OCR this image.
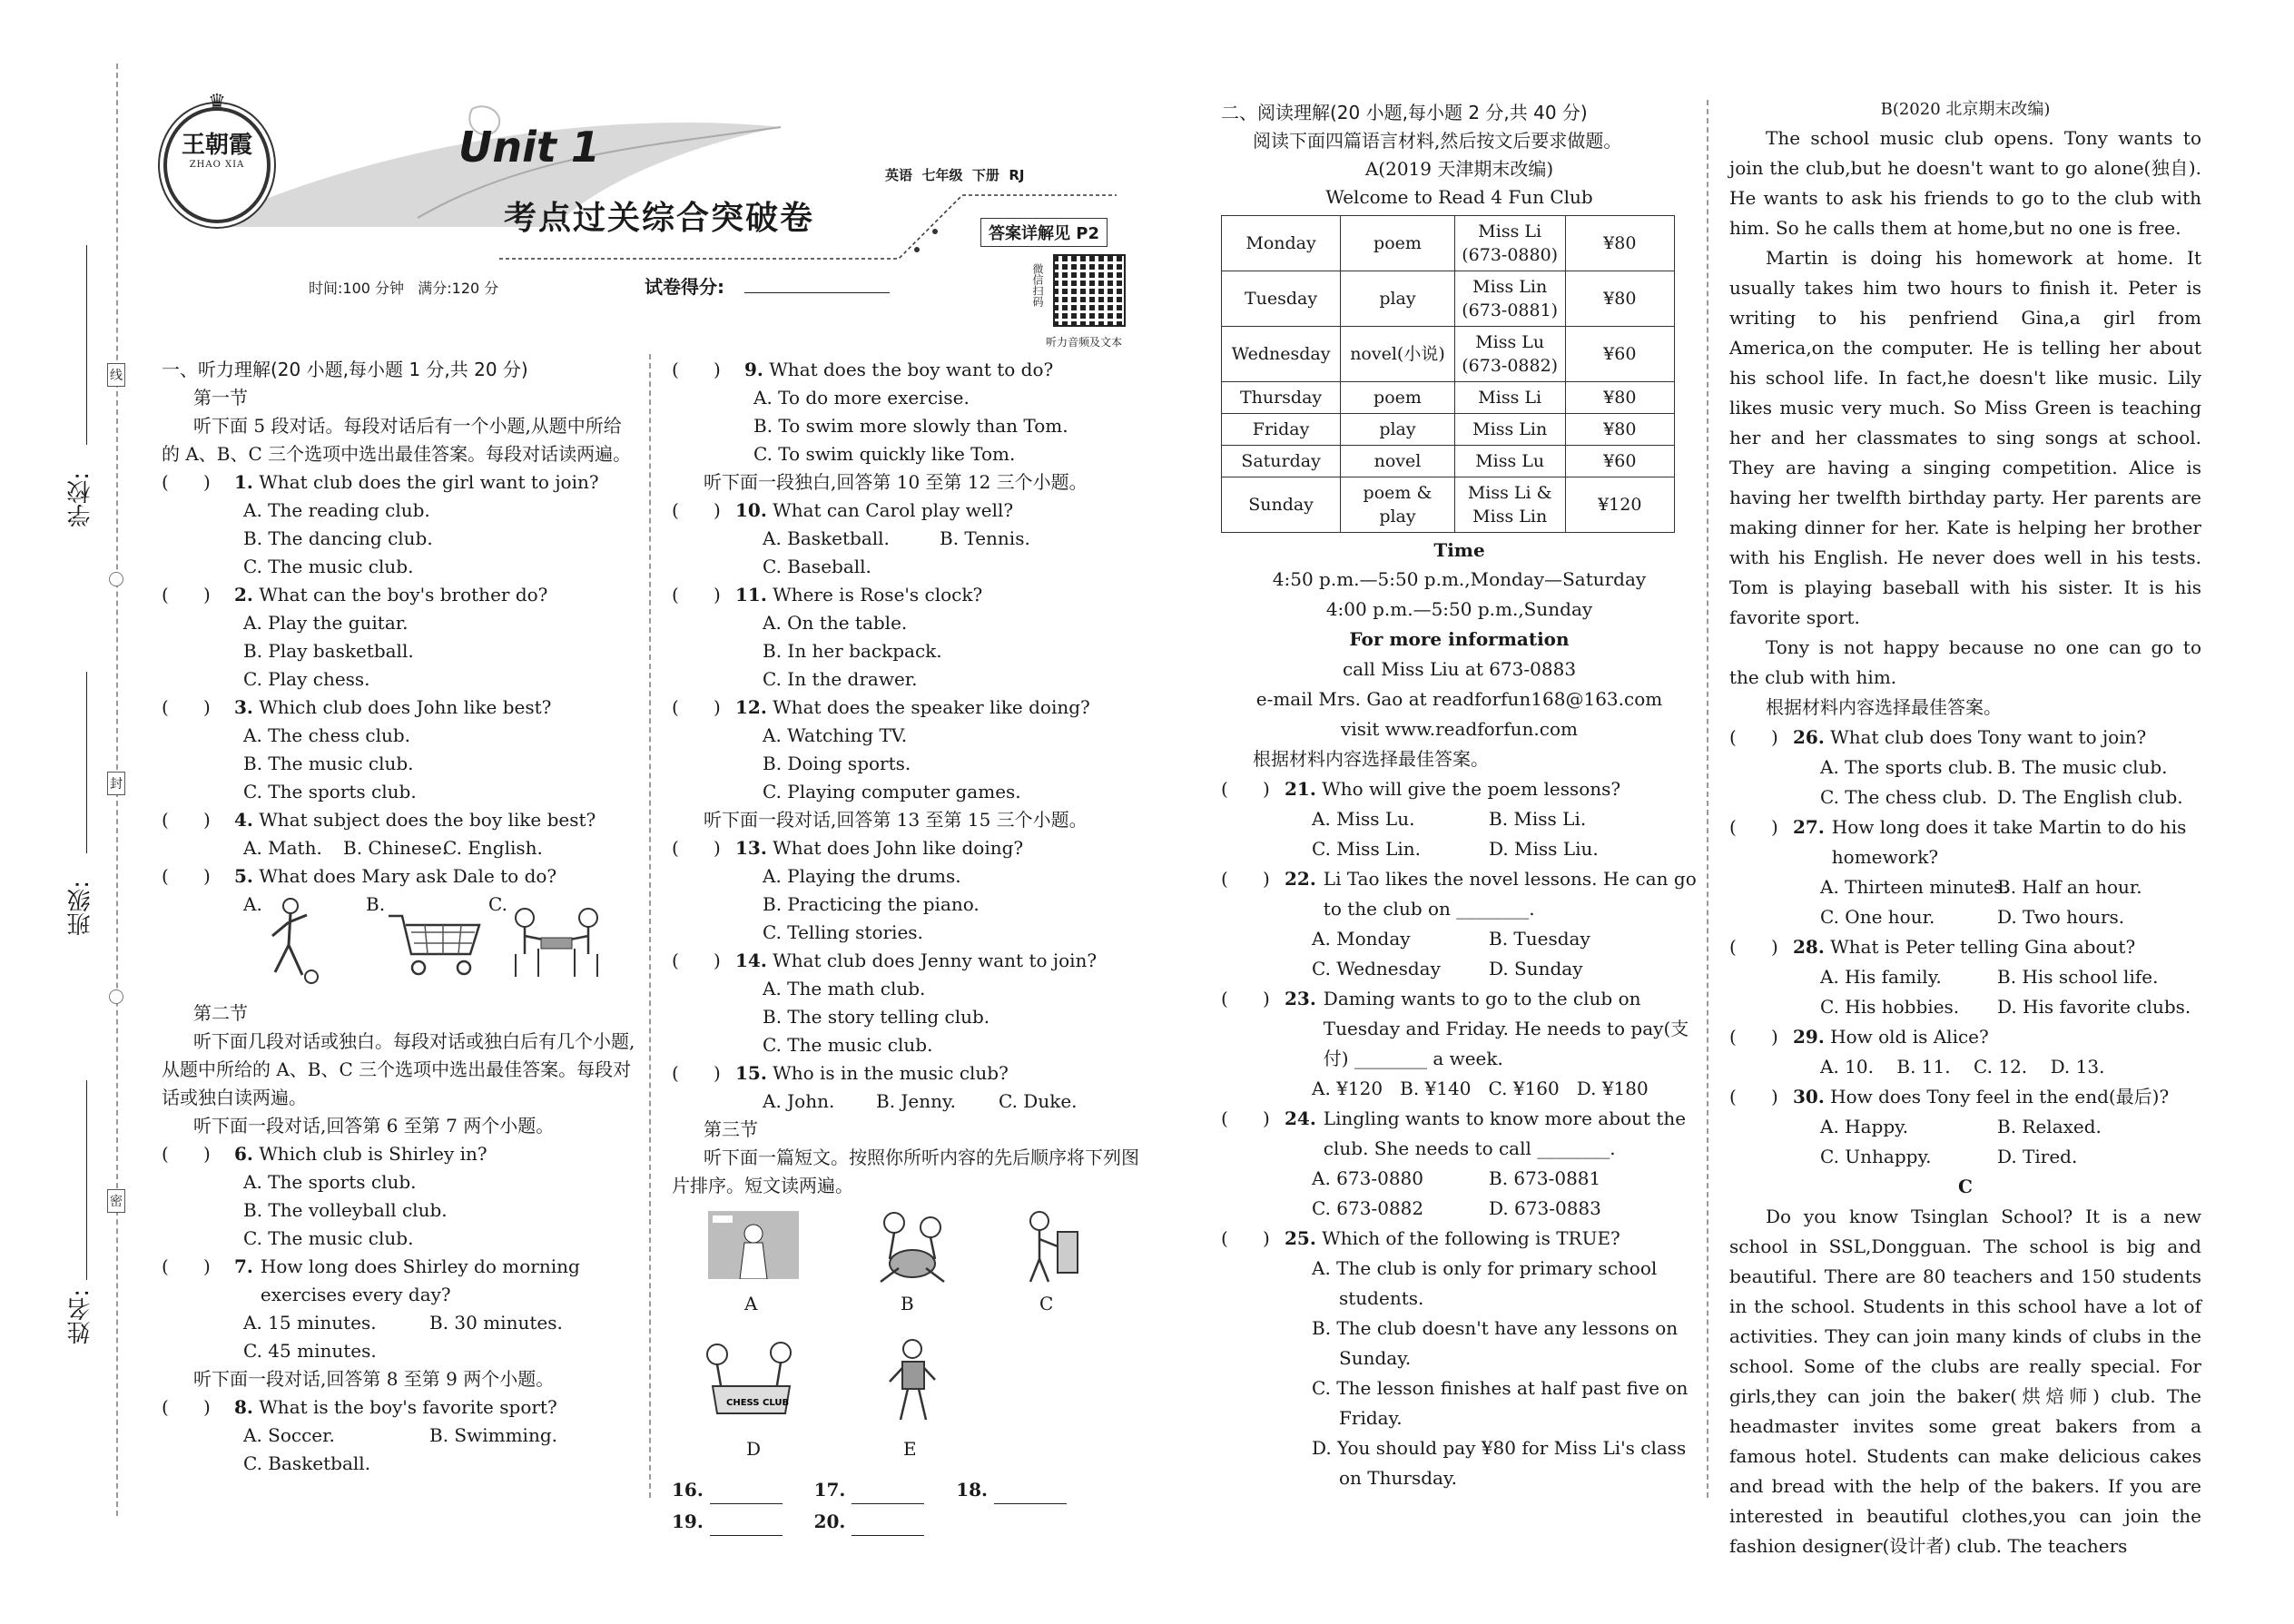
学校:
班级:
姓名:
线
封
密
♛
王朝霞
ZHAO XIA	Unit 1
英语  七年级  下册  RJ
考点过关综合突破卷	答案详解见 P2
时间:100 分钟   满分:120 分	试卷得分:	微信扫码
听力音频及文本
一、听力理解(20 小题,每小题 1 分,共 20 分)
第一节
听下面 5 段对话。每段对话后有一个小题,从题中所给的 A、B、C 三个选项中选出最佳答案。每段对话读两遍。
(      ) 1. What club does the girl want to join?
A. The reading club.
B. The dancing club.
C. The music club.
(      ) 2. What can the boy's brother do?
A. Play the guitar.
B. Play basketball.
C. Play chess.
(      ) 3. Which club does John like best?
A. The chess club.
B. The music club.
C. The sports club.
(      ) 4. What subject does the boy like best?
A. Math. B. Chinese.C. English.
(      ) 5. What does Mary ask Dale to do?
A.	B.	C.
第二节
听下面几段对话或独白。每段对话或独白后有几个小题,从题中所给的 A、B、C 三个选项中选出最佳答案。每段对话或独白读两遍。
听下面一段对话,回答第 6 至第 7 两个小题。
(      ) 6. Which club is Shirley in?
A. The sports club.
B. The volleyball club.
C. The music club.
(      )	7. How long does Shirley do morning exercises every day?
A. 15 minutes.	B. 30 minutes.
C. 45 minutes.
听下面一段对话,回答第 8 至第 9 两个小题。
(      ) 8. What is the boy's favorite sport?
A. Soccer.	B. Swimming.
C. Basketball.
(      ) 9. What does the boy want to do?
A. To do more exercise.
B. To swim more slowly than Tom.
C. To swim quickly like Tom.
听下面一段独白,回答第 10 至第 12 三个小题。
(      ) 10. What can Carol play well?
A. Basketball.	B. Tennis.
C. Baseball.
(      ) 11. Where is Rose's clock?
A. On the table.
B. In her backpack.
C. In the drawer.
(      ) 12. What does the speaker like doing?
A. Watching TV.
B. Doing sports.
C. Playing computer games.
听下面一段对话,回答第 13 至第 15 三个小题。
(      ) 13. What does John like doing?
A. Playing the drums.
B. Practicing the piano.
C. Telling stories.
(      ) 14. What club does Jenny want to join?
A. The math club.
B. The story telling club.
C. The music club.
(      ) 15. Who is in the music club?
A. John. B. Jenny. C. Duke.
第三节
听下面一篇短文。按照你所听内容的先后顺序将下列图片排序。短文读两遍。
A	B	C
CHESS CLUB
D	E
16.	17.	18.
19.	20.
二、阅读理解(20 小题,每小题 2 分,共 40 分)
阅读下面四篇语言材料,然后按文后要求做题。
A(2019 天津期末改编)
Welcome to Read 4 Fun Club
Monday	poem	Miss Li (673-0880)	¥80
Tuesday	play	Miss Lin (673-0881)	¥80
Wednesday	novel(小说)	Miss Lu (673-0882)	¥60
Thursday	poem	Miss Li	¥80
Friday	play	Miss Lin	¥80
Saturday	novel	Miss Lu	¥60
Sunday	poem & play	Miss Li & Miss Lin	¥120
Time
4:50 p.m.—5:50 p.m.,Monday—Saturday
4:00 p.m.—5:50 p.m.,Sunday
For more information
call Miss Liu at 673-0883
e-mail Mrs. Gao at readforfun168@163.com
visit www.readforfun.com
根据材料内容选择最佳答案。
(      ) 21. Who will give the poem lessons?
A. Miss Lu.	B. Miss Li.
C. Miss Lin.	D. Miss Liu.
(      ) 22. Li Tao likes the novel lessons. He can go to the club on ________.
A. Monday	B. Tuesday
C. Wednesday	D. Sunday
(      ) 23. Daming wants to go to the club on Tuesday and Friday. He needs to pay(支付) ________ a week.
A. ¥120   B. ¥140   C. ¥160   D. ¥180
(      ) 24. Lingling wants to know more about the club. She needs to call ________.
A. 673-0880	B. 673-0881
C. 673-0882	D. 673-0883
(      ) 25. Which of the following is TRUE?
A. The club is only for primary school students.
B. The club doesn't have any lessons on Sunday.
C. The lesson finishes at half past five on Friday.
D. You should pay ¥80 for Miss Li's class on Thursday.
B(2020 北京期末改编)
The school music club opens. Tony wants to join the club,but he doesn't want to go alone(独自). He wants to ask his friends to go to the club with him. So he calls them at home,but no one is free.
Martin is doing his homework at home. It usually takes him two hours to finish it. Peter is writing to his penfriend Gina,a girl from America,on the computer. He is telling her about his school life. In fact,he doesn't like music. Lily likes music very much. So Miss Green is teaching her and her classmates to sing songs at school. They are having a singing competition. Alice is having her twelfth birthday party. Her parents are making dinner for her. Kate is helping her brother with his English. He never does well in his tests. Tom is playing baseball with his sister. It is his favorite sport.
Tony is not happy because no one can go to the club with him.
根据材料内容选择最佳答案。
(      ) 26. What club does Tony want to join?
A. The sports club. B. The music club.
C. The chess club. D. The English club.
(      ) 27. How long does it take Martin to do his homework?
A. Thirteen minutes.B. Half an hour.
C. One hour.	D. Two hours.
(      ) 28. What is Peter telling Gina about?
A. His family.	B. His school life.
C. His hobbies. D. His favorite clubs.
(      ) 29. How old is Alice?
A. 10.    B. 11.    C. 12.    D. 13.
(      ) 30. How does Tony feel in the end(最后)?
A. Happy.	B. Relaxed.
C. Unhappy.	D. Tired.
C
Do you know Tsinglan School? It is a new school in SSL,Dongguan. The school is big and beautiful. There are 80 teachers and 150 students in the school. Students in this school have a lot of activities. They can join many kinds of clubs in the school. Some of the clubs are really special. For girls,they can join the baker(烘焙师) club. The headmaster invites some great bakers from a famous hotel. Students can make delicious cakes and bread with the help of the bakers. If you are interested in beautiful clothes,you can join the fashion designer(设计者) club. The teachers
